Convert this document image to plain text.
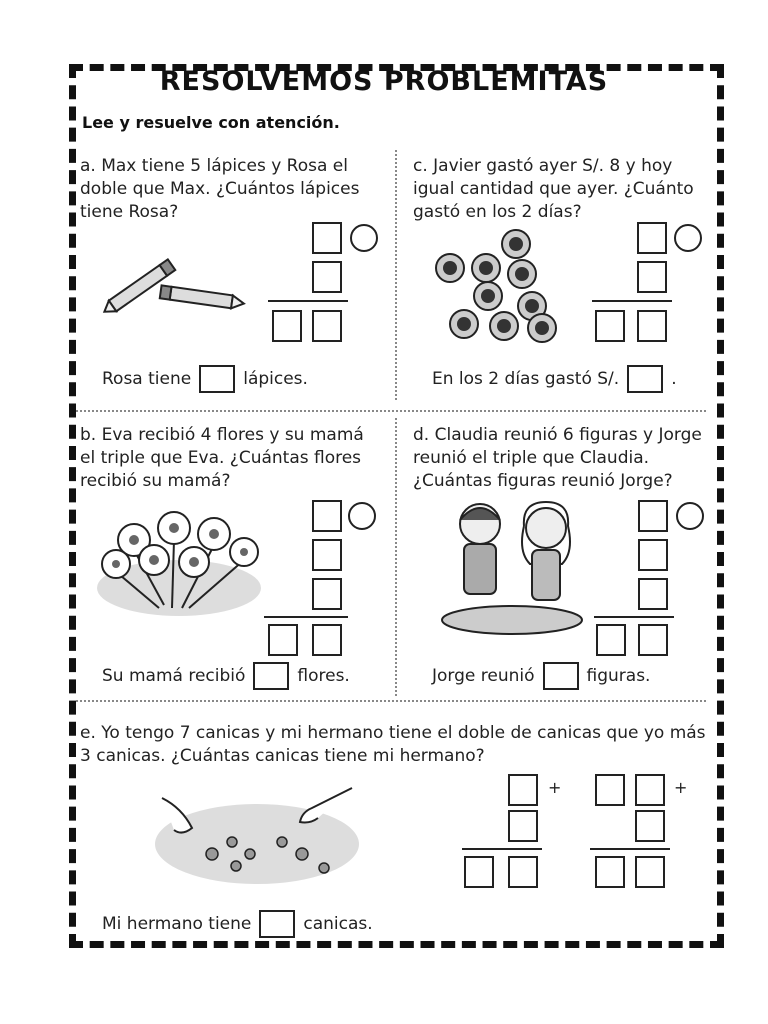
RESOLVEMOS PROBLEMITAS
Lee y resuelve con atención.
a. Max tiene 5 lápices y Rosa el doble que Max. ¿Cuántos lápices tiene Rosa?
Rosa tiene	lápices.
c. Javier gastó ayer S/. 8 y hoy igual cantidad que ayer. ¿Cuánto gastó en los 2 días?
En los 2 días gastó S/.	.
b. Eva recibió 4 flores y su mamá el triple que Eva. ¿Cuántas flores recibió su mamá?
Su mamá recibió	flores.
d. Claudia reunió 6 figuras y Jorge reunió el triple que Claudia. ¿Cuántas figuras reunió Jorge?
Jorge reunió	figuras.
e. Yo tengo 7 canicas y mi hermano tiene el doble de canicas que yo más 3 canicas. ¿Cuántas canicas tiene mi hermano?
+	+
Mi hermano tiene	canicas.
